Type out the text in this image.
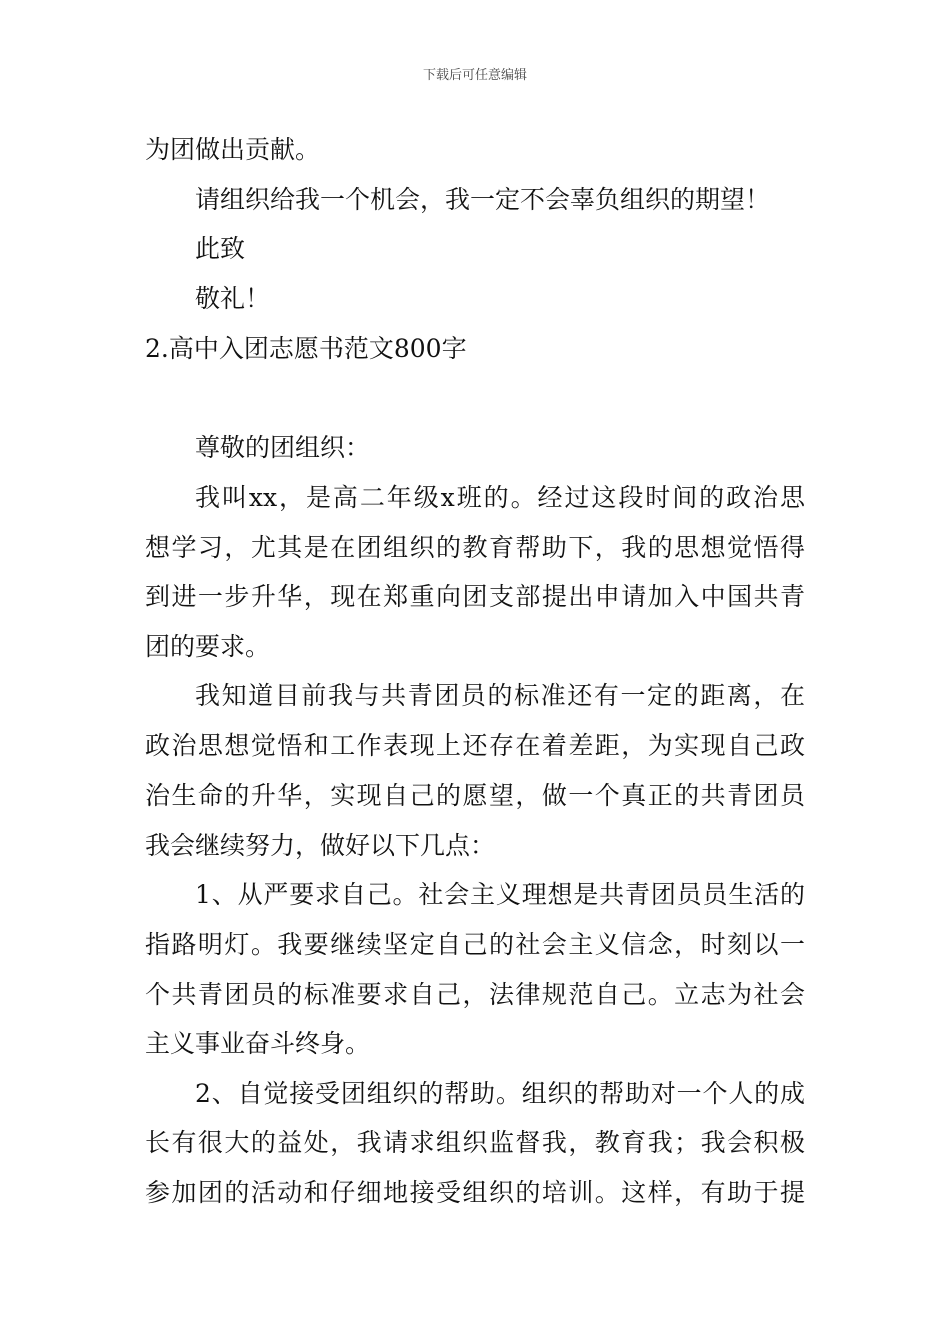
下载后可任意编辑
为团做出贡献。
请组织给我一个机会，我一定不会辜负组织的期望！
此致
敬礼！
2.高中入团志愿书范文800字
尊敬的团组织：
我叫xx，是高二年级x班的。经过这段时间的政治思
想学习，尤其是在团组织的教育帮助下，我的思想觉悟得
到进一步升华，现在郑重向团支部提出申请加入中国共青
团的要求。
我知道目前我与共青团员的标准还有一定的距离，在
政治思想觉悟和工作表现上还存在着差距，为实现自己政
治生命的升华，实现自己的愿望，做一个真正的共青团员
我会继续努力，做好以下几点：
1、从严要求自己。社会主义理想是共青团员员生活的
指路明灯。我要继续坚定自己的社会主义信念，时刻以一
个共青团员的标准要求自己，法律规范自己。立志为社会
主义事业奋斗终身。
2、自觉接受团组织的帮助。组织的帮助对一个人的成
长有很大的益处，我请求组织监督我，教育我；我会积极
参加团的活动和仔细地接受组织的培训。这样，有助于提
